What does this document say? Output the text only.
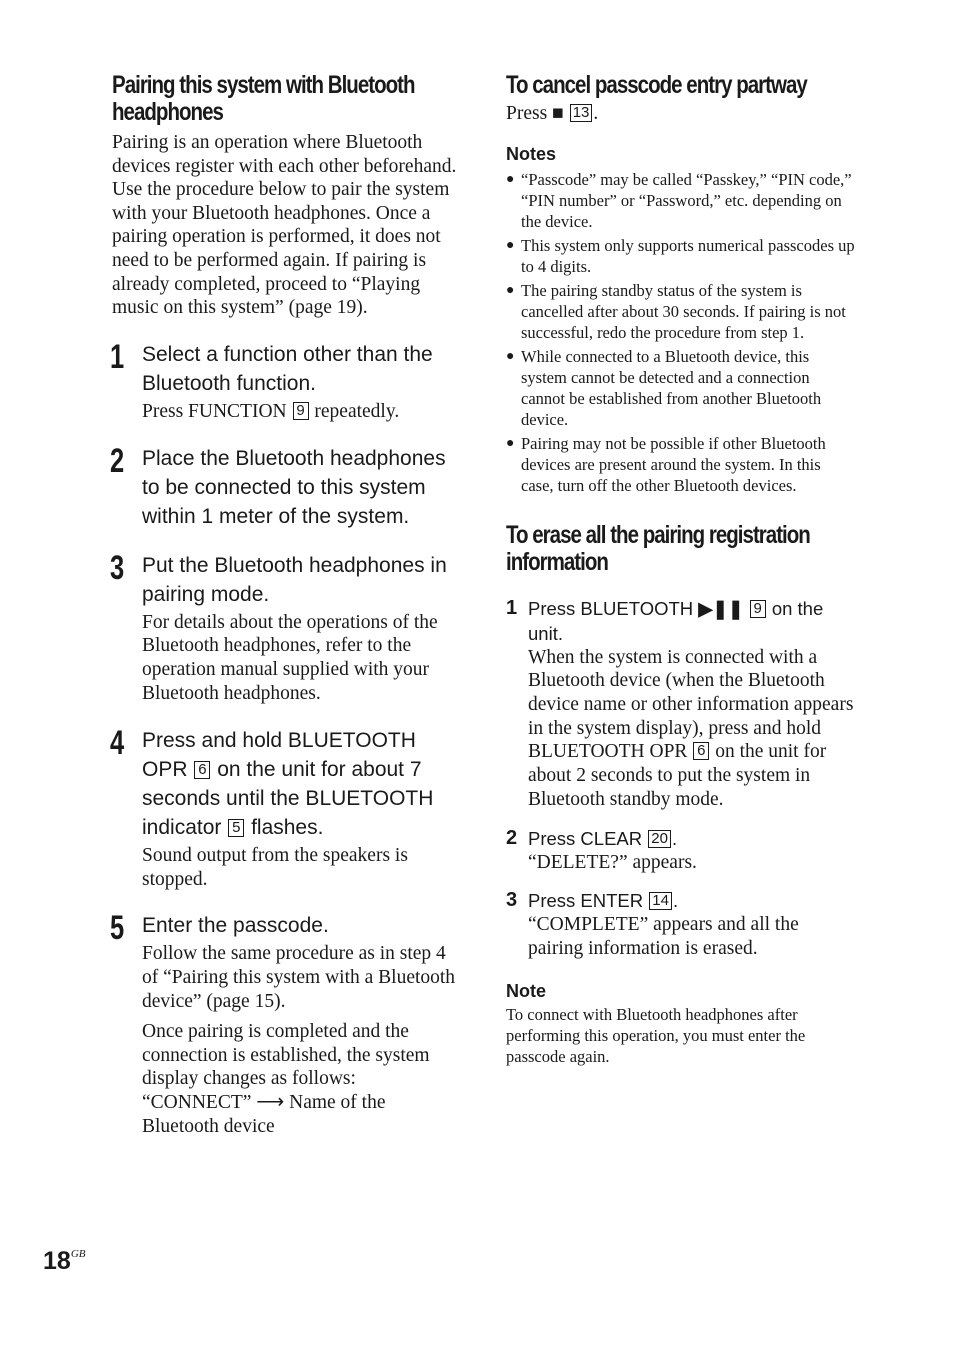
Pairing this system with Bluetooth headphones

Pairing is an operation where Bluetooth devices register with each other beforehand. Use the procedure below to pair the system with your Bluetooth headphones. Once a pairing operation is performed, it does not need to be performed again. If pairing is already completed, proceed to “Playing music on this system” (page 19).

1 Select a function other than the Bluetooth function.

Press FUNCTION 9 repeatedly.

2 Place the Bluetooth headphones to be connected to this system within 1 meter of the system.

3 Put the Bluetooth headphones in pairing mode.

For details about the operations of the Bluetooth headphones, refer to the operation manual supplied with your Bluetooth headphones.

4 Press and hold BLUETOOTH OPR 6 on the unit for about 7 seconds until the BLUETOOTH indicator 5 flashes.

Sound output from the speakers is stopped.

5 Enter the passcode.

Follow the same procedure as in step 4 of “Pairing this system with a Bluetooth device” (page 15).

Once pairing is completed and the connection is established, the system display changes as follows: “CONNECT” ⟶ Name of the Bluetooth device

To cancel passcode entry partway

Press ■ 13 .

Notes

● “Passcode” may be called “Passkey,” “PIN code,” “PIN number” or “Password,” etc. depending on the device.
● This system only supports numerical passcodes up to 4 digits.
● The pairing standby status of the system is cancelled after about 30 seconds. If pairing is not successful, redo the procedure from step 1.
● While connected to a Bluetooth device, this system cannot be detected and a connection cannot be established from another Bluetooth device.
● Pairing may not be possible if other Bluetooth devices are present around the system. In this case, turn off the other Bluetooth devices.
To erase all the pairing registration information
1 Press BLUETOOTH ▶❚❚ 9 on the unit.

When the system is connected with a Bluetooth device (when the Bluetooth device name or other information appears in the system display), press and hold BLUETOOTH OPR 6 on the unit for about 2 seconds to put the system in Bluetooth standby mode.

2 Press CLEAR 20 .

“DELETE?” appears.

3 Press ENTER 14 .

“COMPLETE” appears and all the pairing information is erased.

Note

To connect with Bluetooth headphones after performing this operation, you must enter the passcode again.

$18^{GB}$
